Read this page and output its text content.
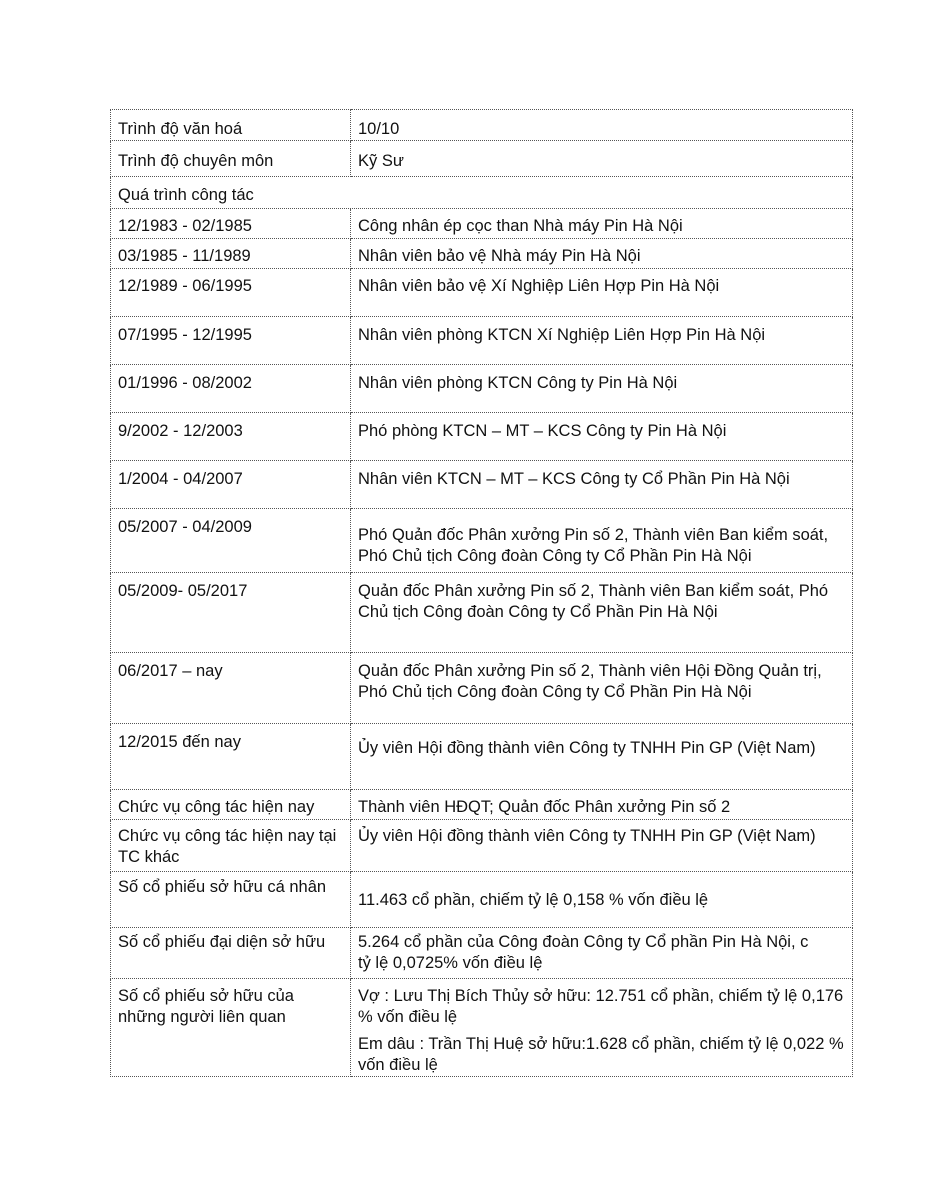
Trình độ văn hoá	10/10
Trình độ chuyên môn	Kỹ Sư
Quá trình công tác	
12/1983 - 02/1985	Công nhân ép cọc than Nhà máy Pin Hà Nội
03/1985 - 11/1989	Nhân viên bảo vệ Nhà máy Pin Hà Nội
12/1989 - 06/1995	Nhân viên bảo vệ Xí Nghiệp Liên Hợp Pin Hà Nội
07/1995 - 12/1995	Nhân viên phòng KTCN Xí Nghiệp Liên Hợp Pin Hà Nội
01/1996 - 08/2002	Nhân viên phòng KTCN Công ty Pin Hà Nội
9/2002 - 12/2003	Phó phòng KTCN – MT – KCS Công ty Pin Hà Nội
1/2004 - 04/2007	Nhân viên KTCN – MT – KCS Công ty Cổ Phần Pin Hà Nội
05/2007 - 04/2009	Phó Quản đốc Phân xưởng Pin số 2, Thành viên Ban kiểm soát, Phó Chủ tịch Công đoàn Công ty Cổ Phần Pin Hà Nội
05/2009- 05/2017	Quản đốc Phân xưởng Pin số 2, Thành viên Ban kiểm soát, Phó Chủ tịch Công đoàn Công ty Cổ Phần Pin Hà Nội
06/2017 – nay	Quản đốc Phân xưởng Pin số 2, Thành viên Hội Đồng Quản trị, Phó Chủ tịch Công đoàn Công ty Cổ Phần Pin Hà Nội
12/2015 đến nay	Ủy viên Hội đồng thành viên Công ty TNHH Pin GP (Việt Nam)
Chức vụ công tác hiện nay	Thành viên HĐQT; Quản đốc Phân xưởng Pin số 2
Chức vụ công tác hiện nay tại TC khác	Ủy viên Hội đồng thành viên Công ty TNHH Pin GP (Việt Nam)
Số cổ phiếu sở hữu cá nhân	11.463 cổ phần, chiếm tỷ lệ 0,158 % vốn điều lệ
Số cổ phiếu đại diện sở hữu	5.264 cổ phần của Công đoàn Công ty Cổ phần Pin Hà Nội, c
tỷ lệ 0,0725% vốn điều lệ
Số cổ phiếu sở hữu của những người liên quan	Vợ : Lưu Thị Bích Thủy sở hữu: 12.751 cổ phần, chiếm tỷ lệ 0,176 % vốn điều lệ
Em dâu : Trần Thị Huệ sở hữu:1.628 cổ phần, chiếm tỷ lệ 0,022 % vốn điều lệ
